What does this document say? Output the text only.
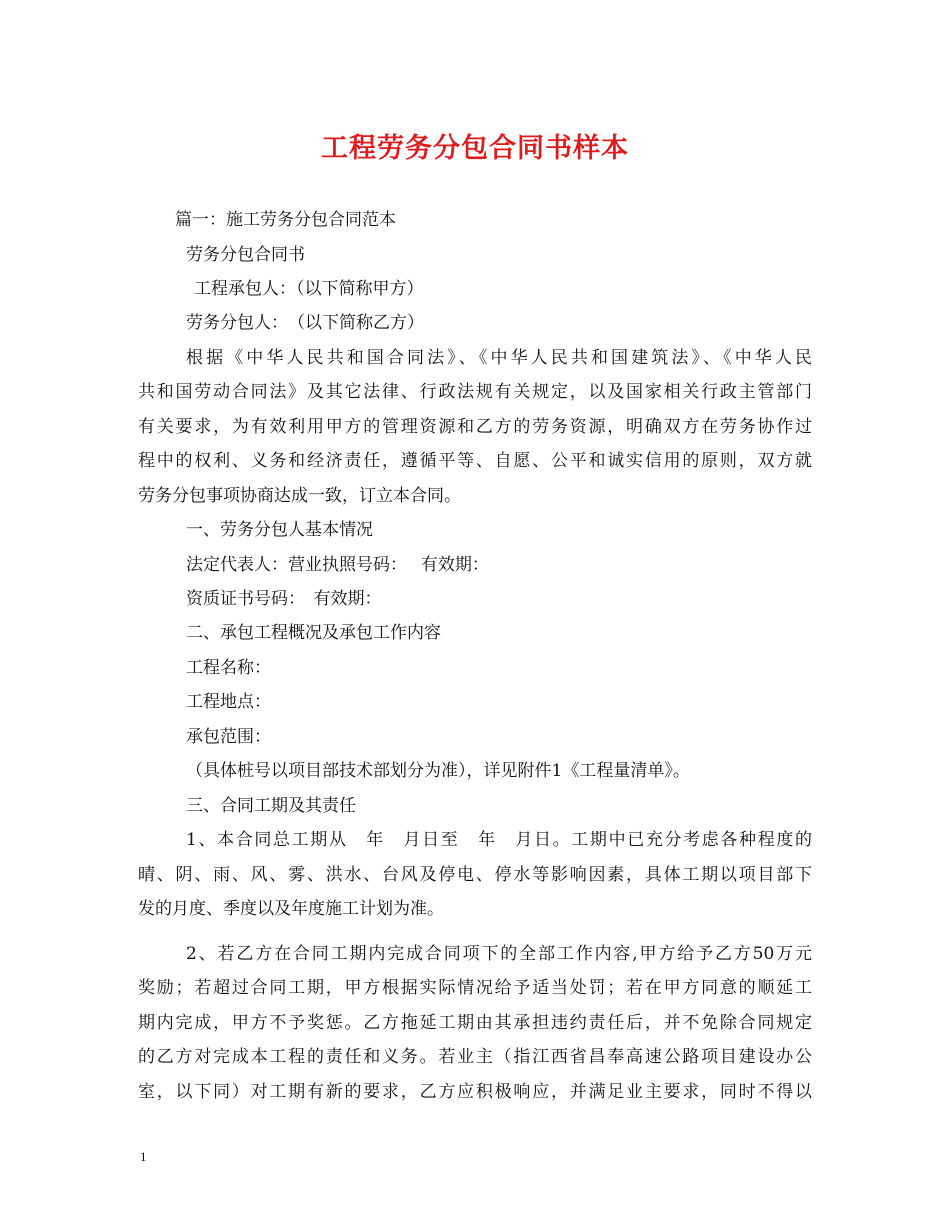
工程劳务分包合同书样本
篇一：施工劳务分包合同范本
劳务分包合同书
工程承包人：（以下简称甲方）
劳务分包人：　（以下简称乙方）
根据《中华人民共和国合同法》、《中华人民共和国建筑法》、《中华人民
共和国劳动合同法》及其它法律、行政法规有关规定，以及国家相关行政主管部门
有关要求，为有效利用甲方的管理资源和乙方的劳务资源，明确双方在劳务协作过
程中的权利、义务和经济责任，遵循平等、自愿、公平和诚实信用的原则，双方就
劳务分包事项协商达成一致，订立本合同。
一、劳务分包人基本情况
法定代表人：营业执照号码：　 有效期：
资质证书号码：　有效期：
二、承包工程概况及承包工作内容
工程名称：
工程地点：
承包范围：
（具体桩号以项目部技术部划分为准），详见附件1《工程量清单》。
三、合同工期及其责任
1、本合同总工期从　年　月日至　年　月日。工期中已充分考虑各种程度的
晴、阴、雨、风、雾、洪水、台风及停电、停水等影响因素，具体工期以项目部下
发的月度、季度以及年度施工计划为准。
2、若乙方在合同工期内完成合同项下的全部工作内容,甲方给予乙方50万元
奖励；若超过合同工期，甲方根据实际情况给予适当处罚；若在甲方同意的顺延工
期内完成，甲方不予奖惩。乙方拖延工期由其承担违约责任后，并不免除合同规定
的乙方对完成本工程的责任和义务。若业主（指江西省昌奉高速公路项目建设办公
室，以下同）对工期有新的要求，乙方应积极响应，并满足业主要求，同时不得以
1
